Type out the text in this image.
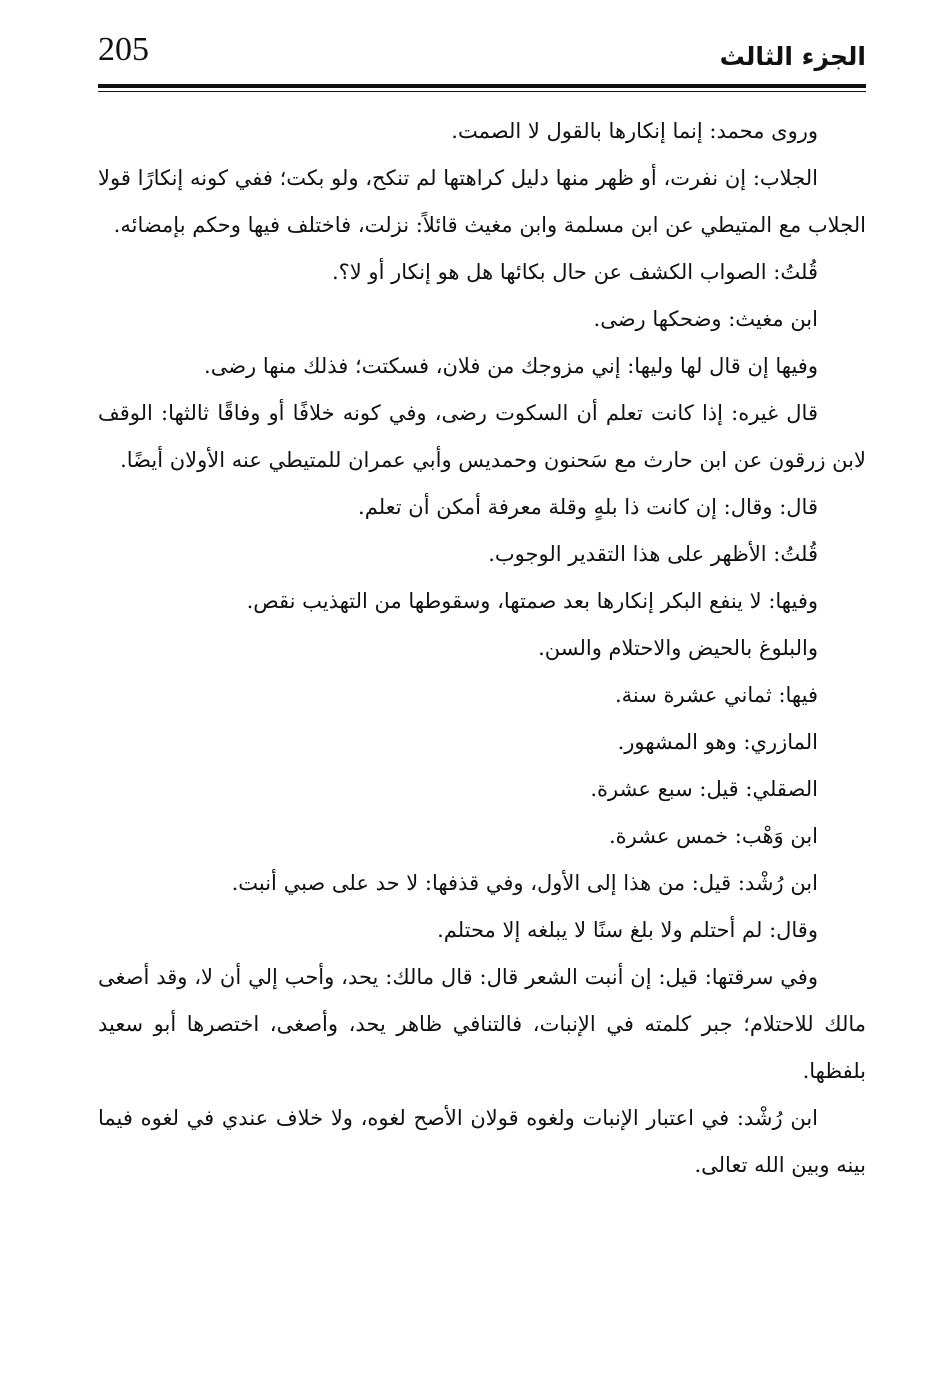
205	الجزء الثالث

وروى محمد: إنما إنكارها بالقول لا الصمت.

الجلاب: إن نفرت، أو ظهر منها دليل كراهتها لم تنكح، ولو بكت؛ ففي كونه إنكارًا قولا الجلاب مع المتيطي عن ابن مسلمة وابن مغيث قائلاً: نزلت، فاختلف فيها وحكم بإمضائه.

قُلتُ: الصواب الكشف عن حال بكائها هل هو إنكار أو لا؟.

ابن مغيث: وضحكها رضى.

وفيها إن قال لها وليها: إني مزوجك من فلان، فسكتت؛ فذلك منها رضى.

قال غيره: إذا كانت تعلم أن السكوت رضى، وفي كونه خلافًا أو وفاقًا ثالثها: الوقف لابن زرقون عن ابن حارث مع سَحنون وحمديس وأبي عمران للمتيطي عنه الأولان أيضًا.

قال: وقال: إن كانت ذا بلهٍ وقلة معرفة أمكن أن تعلم.

قُلتُ: الأظهر على هذا التقدير الوجوب.

وفيها: لا ينفع البكر إنكارها بعد صمتها، وسقوطها من التهذيب نقص.

والبلوغ بالحيض والاحتلام والسن.

فيها: ثماني عشرة سنة.

المازري: وهو المشهور.

الصقلي: قيل: سبع عشرة.

ابن وَهْب: خمس عشرة.

ابن رُشْد: قيل: من هذا إلى الأول، وفي قذفها: لا حد على صبي أنبت.

وقال: لم أحتلم ولا بلغ سنًا لا يبلغه إلا محتلم.

وفي سرقتها: قيل: إن أنبت الشعر قال: قال مالك: يحد، وأحب إلي أن لا، وقد أصغى مالك للاحتلام؛ جبر كلمته في الإنبات، فالتنافي ظاهر يحد، وأصغى، اختصرها أبو سعيد بلفظها.

ابن رُشْد: في اعتبار الإنبات ولغوه قولان الأصح لغوه، ولا خلاف عندي في لغوه فيما بينه وبين الله تعالى.
